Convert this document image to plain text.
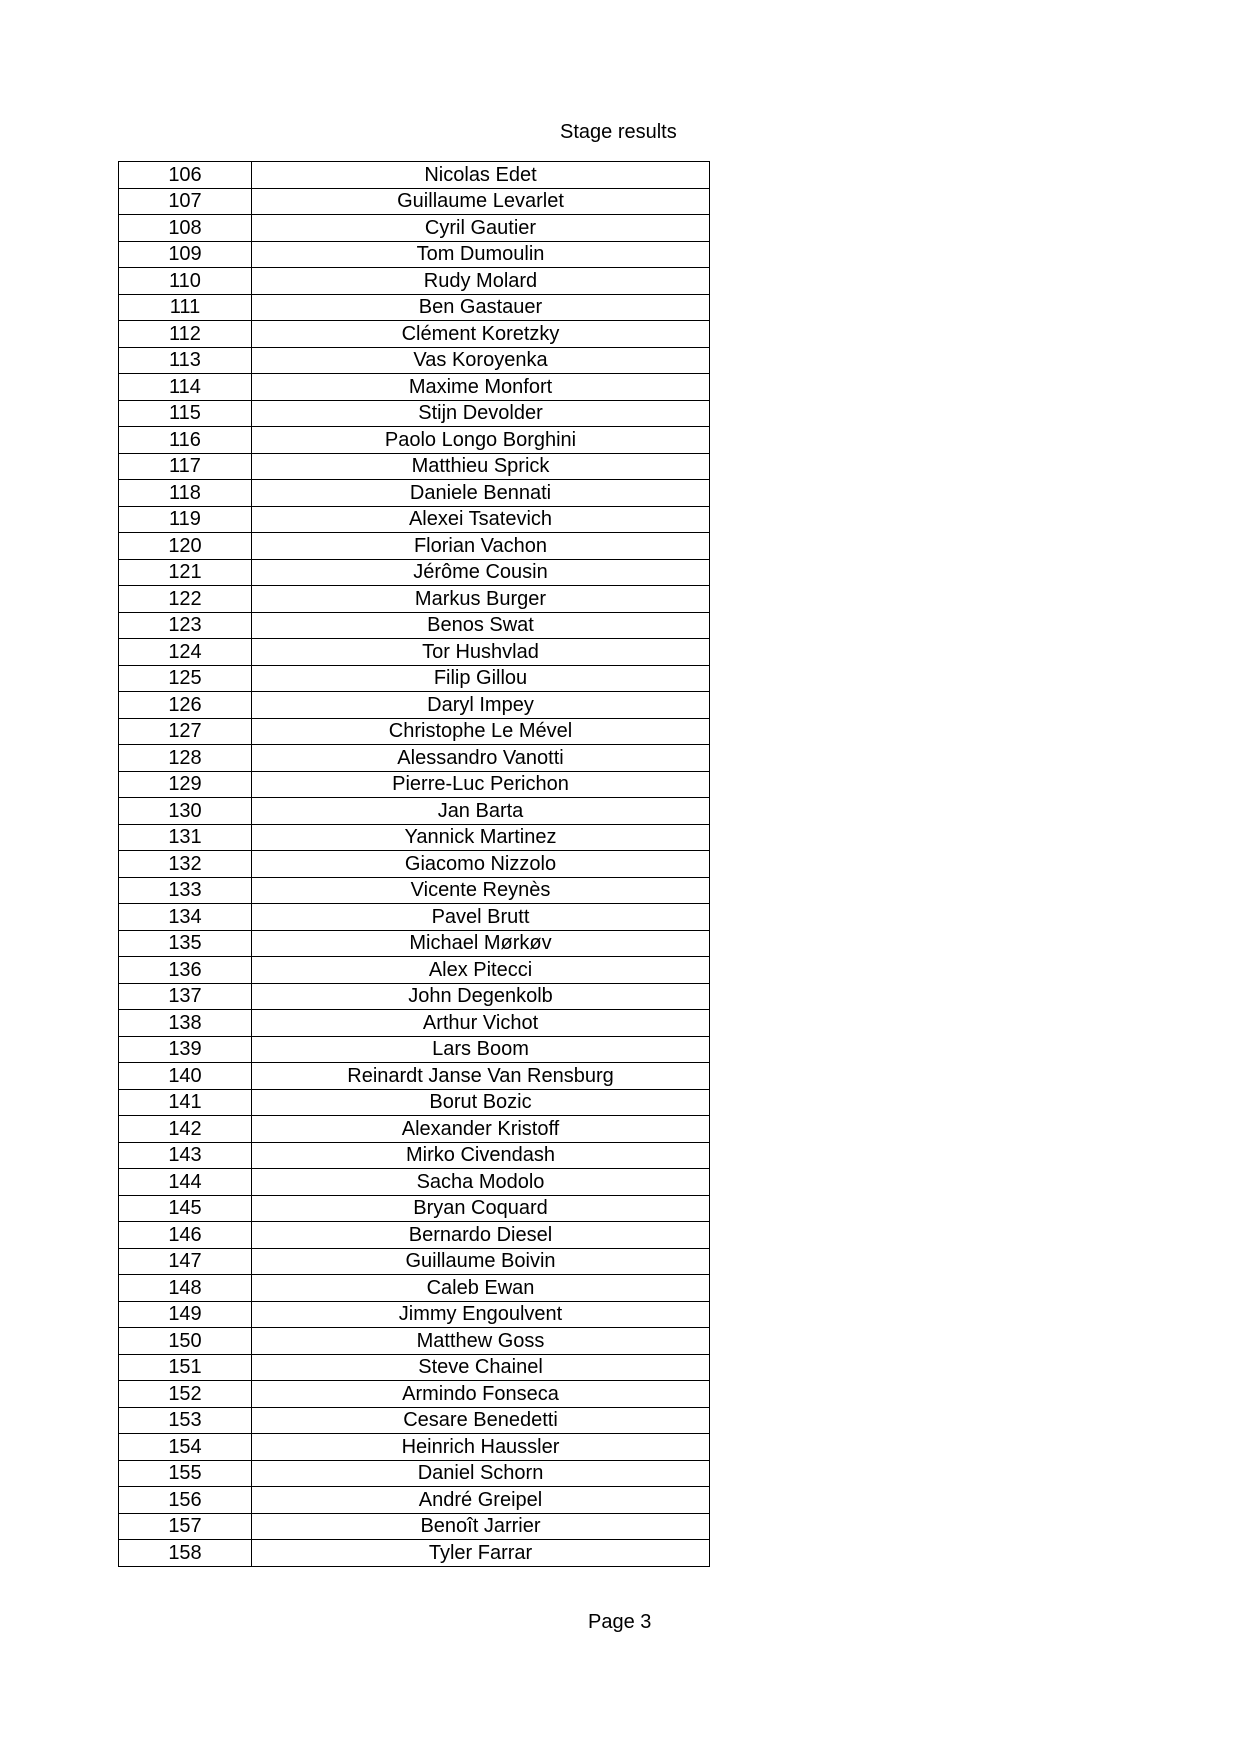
Stage results
106	Nicolas Edet
107	Guillaume Levarlet
108	Cyril Gautier
109	Tom Dumoulin
110	Rudy Molard
111	Ben Gastauer
112	Clément Koretzky
113	Vas Koroyenka
114	Maxime Monfort
115	Stijn Devolder
116	Paolo Longo Borghini
117	Matthieu Sprick
118	Daniele Bennati
119	Alexei Tsatevich
120	Florian Vachon
121	Jérôme Cousin
122	Markus Burger
123	Benos Swat
124	Tor Hushvlad
125	Filip Gillou
126	Daryl Impey
127	Christophe Le Mével
128	Alessandro Vanotti
129	Pierre-Luc Perichon
130	Jan Barta
131	Yannick Martinez
132	Giacomo Nizzolo
133	Vicente Reynès
134	Pavel Brutt
135	Michael Mørkøv
136	Alex Pitecci
137	John Degenkolb
138	Arthur Vichot
139	Lars Boom
140	Reinardt Janse Van Rensburg
141	Borut Bozic
142	Alexander Kristoff
143	Mirko Civendash
144	Sacha Modolo
145	Bryan Coquard
146	Bernardo Diesel
147	Guillaume Boivin
148	Caleb Ewan
149	Jimmy Engoulvent
150	Matthew Goss
151	Steve Chainel
152	Armindo Fonseca
153	Cesare Benedetti
154	Heinrich Haussler
155	Daniel Schorn
156	André Greipel
157	Benoît Jarrier
158	Tyler Farrar
Page 3
